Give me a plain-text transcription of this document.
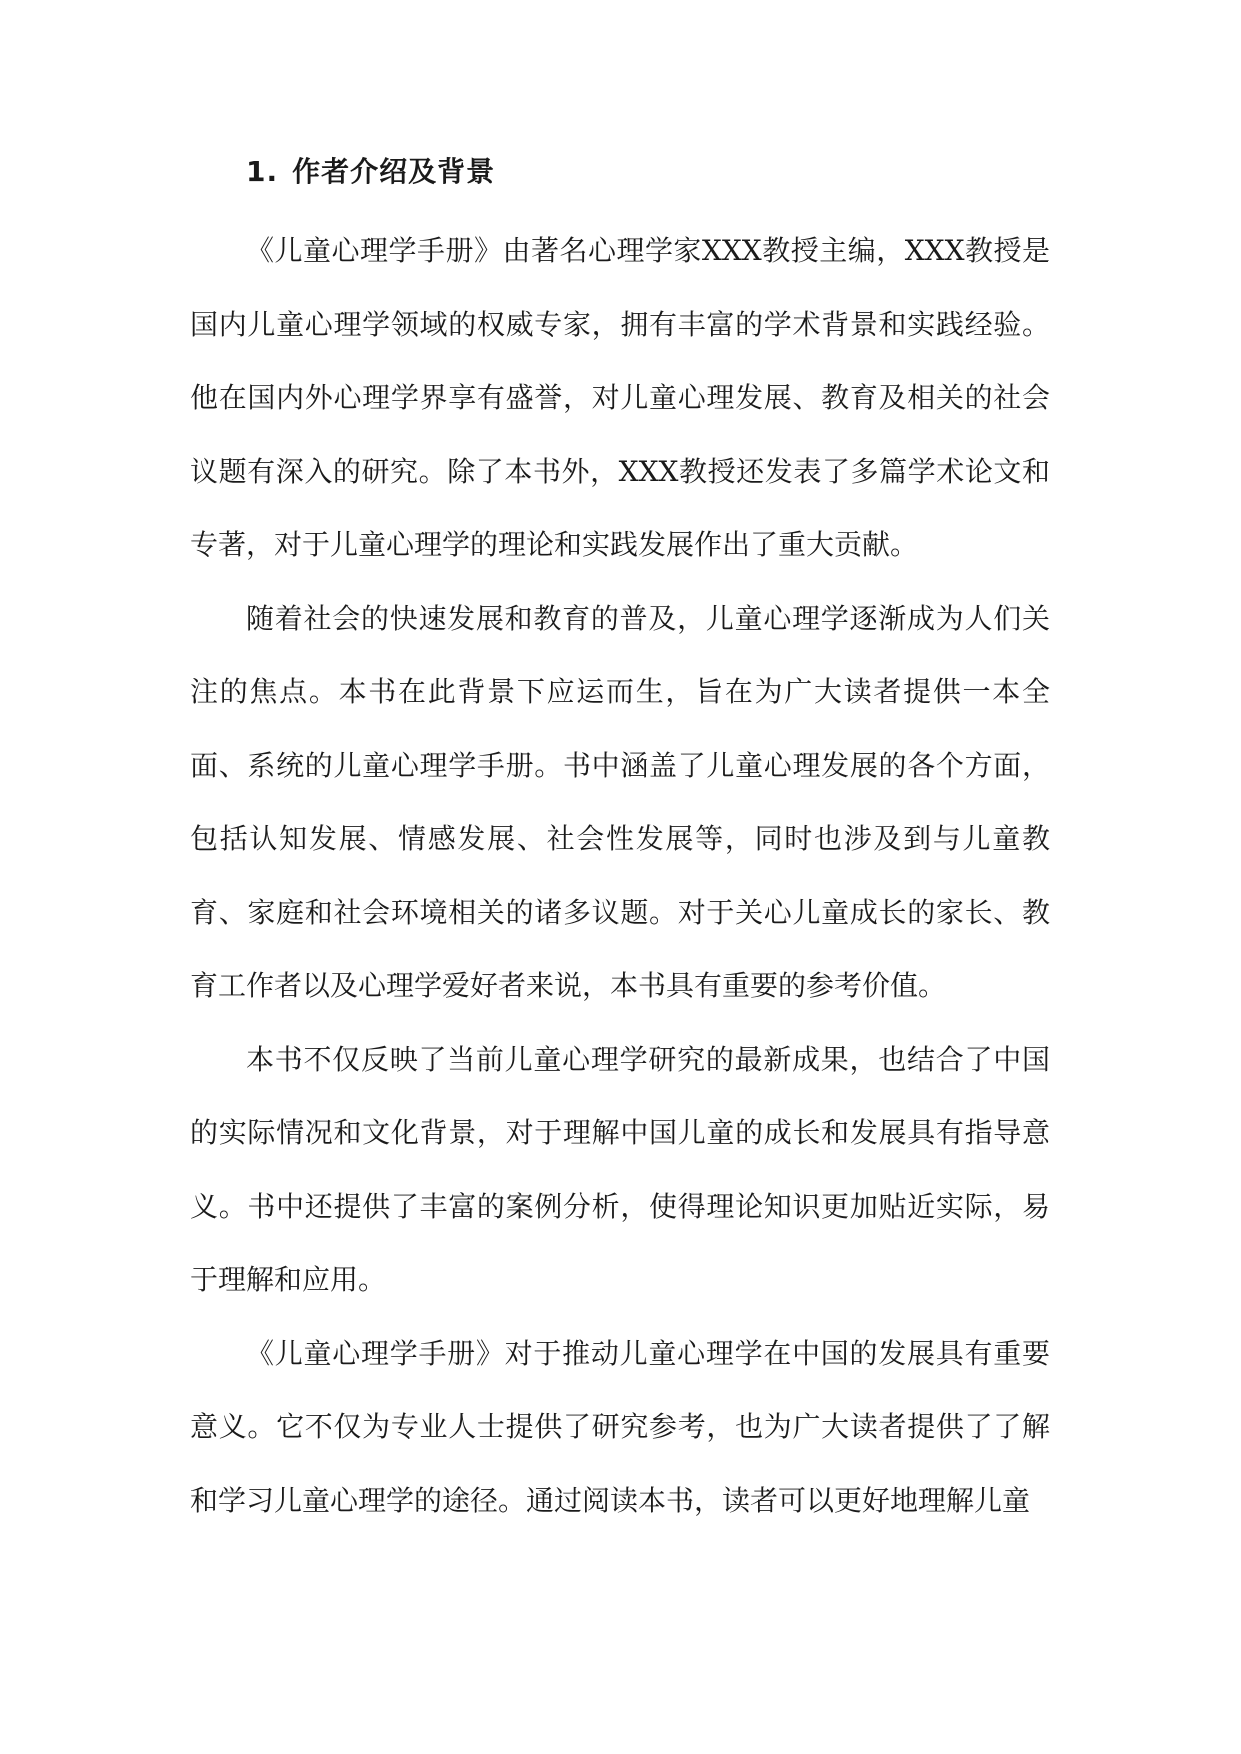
1. 作者介绍及背景

《儿童心理学手册》由著名心理学家XXX教授主编，XXX教授是国内儿童心理学领域的权威专家，拥有丰富的学术背景和实践经验。他在国内外心理学界享有盛誉，对儿童心理发展、教育及相关的社会议题有深入的研究。除了本书外，XXX教授还发表了多篇学术论文和专著，对于儿童心理学的理论和实践发展作出了重大贡献。

随着社会的快速发展和教育的普及，儿童心理学逐渐成为人们关注的焦点。本书在此背景下应运而生，旨在为广大读者提供一本全面、系统的儿童心理学手册。书中涵盖了儿童心理发展的各个方面，包括认知发展、情感发展、社会性发展等，同时也涉及到与儿童教育、家庭和社会环境相关的诸多议题。对于关心儿童成长的家长、教育工作者以及心理学爱好者来说，本书具有重要的参考价值。

本书不仅反映了当前儿童心理学研究的最新成果，也结合了中国的实际情况和文化背景，对于理解中国儿童的成长和发展具有指导意义。书中还提供了丰富的案例分析，使得理论知识更加贴近实际，易于理解和应用。

《儿童心理学手册》对于推动儿童心理学在中国的发展具有重要意义。它不仅为专业人士提供了研究参考，也为广大读者提供了了解和学习儿童心理学的途径。通过阅读本书，读者可以更好地理解儿童
